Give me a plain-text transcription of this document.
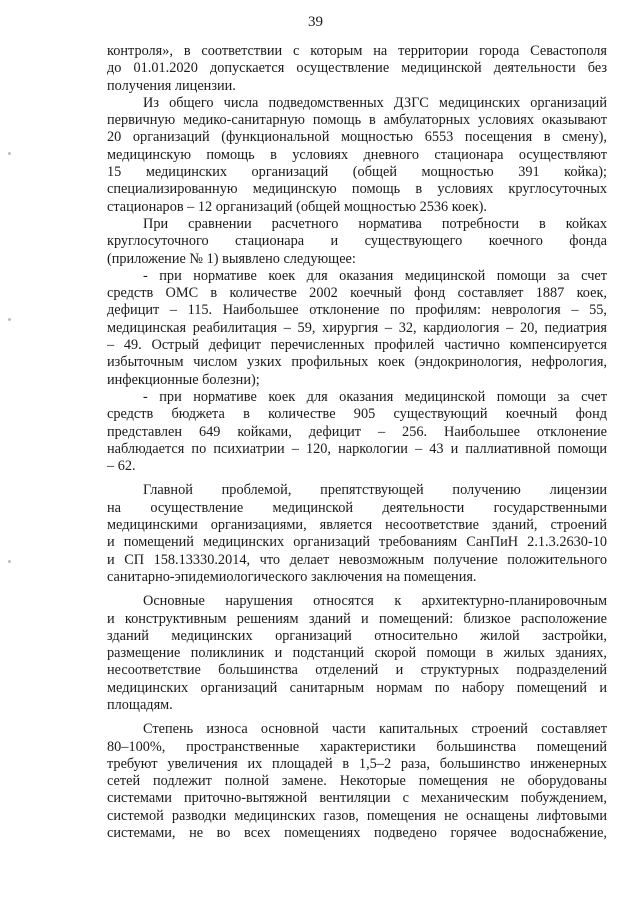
39
контроля», в соответствии с которым на территории города Севастополя
до 01.01.2020 допускается осуществление медицинской деятельности без
получения лицензии.
Из общего числа подведомственных ДЗГС медицинских организаций
первичную медико-санитарную помощь в амбулаторных условиях оказывают
20 организаций (функциональной мощностью 6553 посещения в смену),
медицинскую помощь в условиях дневного стационара осуществляют
15 медицинских организаций (общей мощностью 391 койка);
специализированную медицинскую помощь в условиях круглосуточных
стационаров – 12 организаций (общей мощностью 2536 коек).
При сравнении расчетного норматива потребности в койках
круглосуточного стационара и существующего коечного фонда
(приложение № 1) выявлено следующее:
- при нормативе коек для оказания медицинской помощи за счет
средств ОМС в количестве 2002 коечный фонд составляет 1887 коек,
дефицит – 115. Наибольшее отклонение по профилям: неврология – 55,
медицинская реабилитация – 59, хирургия – 32, кардиология – 20, педиатрия
– 49. Острый дефицит перечисленных профилей частично компенсируется
избыточным числом узких профильных коек (эндокринология, нефрология,
инфекционные болезни);
- при нормативе коек для оказания медицинской помощи за счет
средств бюджета в количестве 905 существующий коечный фонд
представлен 649 койками, дефицит – 256. Наибольшее отклонение
наблюдается по психиатрии – 120, наркологии – 43 и паллиативной помощи
– 62.
Главной проблемой, препятствующей получению лицензии
на осуществление медицинской деятельности государственными
медицинскими организациями, является несоответствие зданий, строений
и помещений медицинских организаций требованиям СанПиН 2.1.3.2630-10
и СП 158.13330.2014, что делает невозможным получение положительного
санитарно-эпидемиологического заключения на помещения.
Основные нарушения относятся к архитектурно-планировочным
и конструктивным решениям зданий и помещений: близкое расположение
зданий медицинских организаций относительно жилой застройки,
размещение поликлиник и подстанций скорой помощи в жилых зданиях,
несоответствие большинства отделений и структурных подразделений
медицинских организаций санитарным нормам по набору помещений и
площадям.
Степень износа основной части капитальных строений составляет
80–100%, пространственные характеристики большинства помещений
требуют увеличения их площадей в 1,5–2 раза, большинство инженерных
сетей подлежит полной замене. Некоторые помещения не оборудованы
системами приточно-вытяжной вентиляции с механическим побуждением,
системой разводки медицинских газов, помещения не оснащены лифтовыми
системами, не во всех помещениях подведено горячее водоснабжение,
